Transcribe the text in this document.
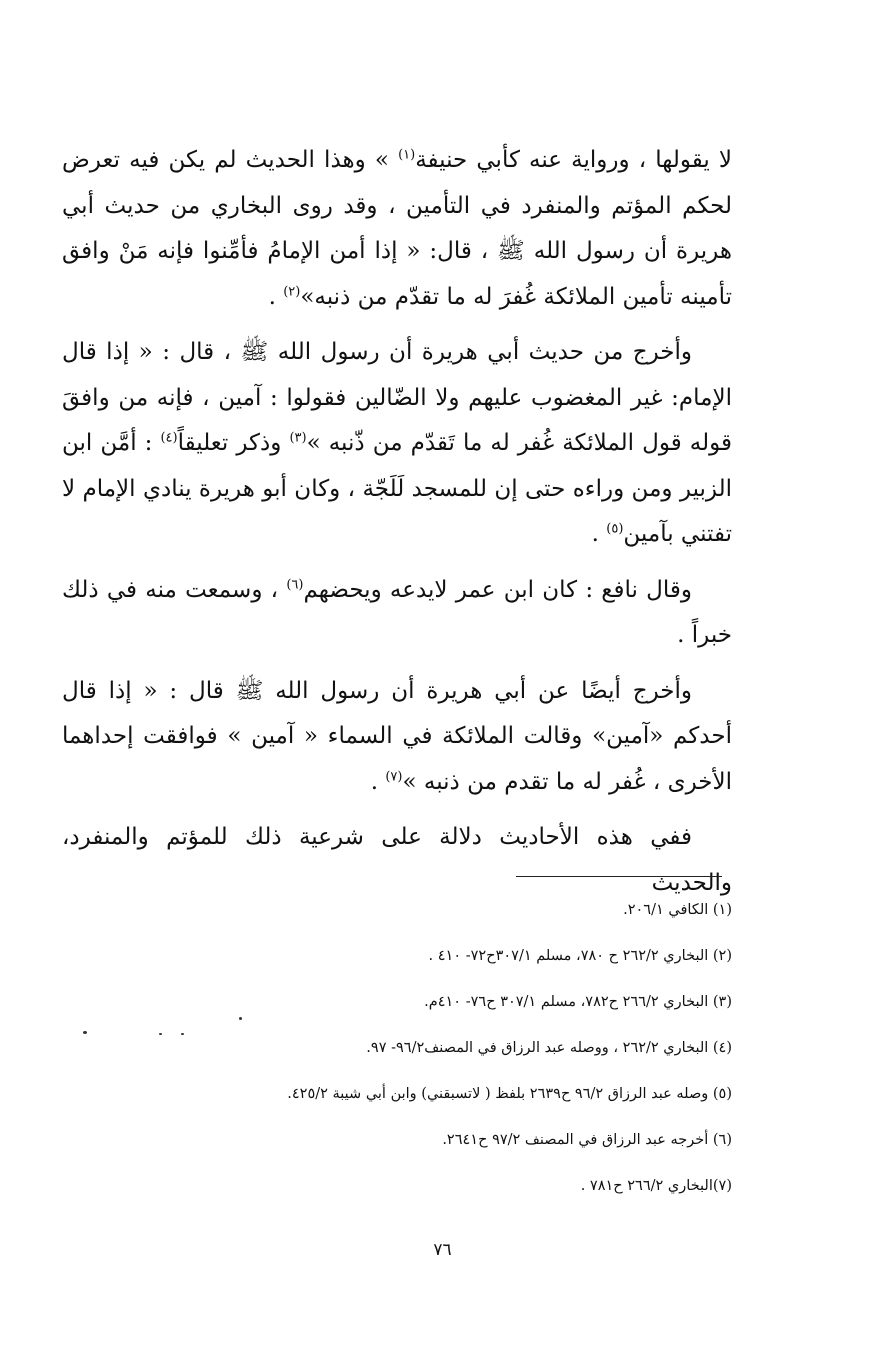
لا يقولها ، ورواية عنه كأبي حنيفة$^{(١)}$ » وهذا الحديث لم يكن فيه تعرض لحكم المؤتم والمنفرد في التأمين ، وقد روى البخاري من حديث أبي هريرة أن رسول الله ﷺ ، قال: « إذا أمن الإمامُ فأمِّنوا فإنه مَنْ وافق تأمينه تأمين الملائكة غُفرَ له ما تقدّم من ذنبه»$^{(٢)}$ .

وأخرج من حديث أبي هريرة أن رسول الله ﷺ ، قال : « إذا قال الإمام: غير المغضوب عليهم ولا الضّالين فقولوا : آمين ، فإنه من وافقَ قوله قول الملائكة غُفر له ما تَقدّم من ذّنبه »$^{(٣)}$ وذكر تعليقاً$^{(٤)}$ : أمَّن ابن الزبير ومن وراءه حتى إن للمسجد لَلَجّة ، وكان أبو هريرة ينادي الإمام لا تفتني بآمين$^{(٥)}$ .

وقال نافع : كان ابن عمر لايدعه ويحضهم$^{(٦)}$ ، وسمعت منه في ذلك خبراً .

وأخرج أيضًا عن أبي هريرة أن رسول الله ﷺ قال : « إذا قال أحدكم «آمين» وقالت الملائكة في السماء « آمين » فوافقت إحداهما الأخرى ، غُفر له ما تقدم من ذنبه »$^{(٧)}$ .

ففي هذه الأحاديث دلالة على شرعية ذلك للمؤتم والمنفرد، والحديث

(١) الكافي ٢٠٦/١.
(٢) البخاري ٢٦٢/٢ ح ٧٨٠، مسلم ٣٠٧/١ح٧٢- ٤١٠ .
(٣) البخاري ٢٦٦/٢ ح٧٨٢، مسلم ٣٠٧/١ ح٧٦- ٤١٠م.
(٤) البخاري ٢٦٢/٢ ، ووصله عبد الرزاق في المصنف٩٦/٢- ٩٧.
(٥) وصله عبد الرزاق ٩٦/٢ ح٢٦٣٩ بلفظ ( لاتسبقني) وابن أبي شيبة ٤٢٥/٢.
(٦) أخرجه عبد الرزاق في المصنف ٩٧/٢ ح٢٦٤١.
(٧)البخاري ٢٦٦/٢ ح٧٨١ .
٧٦
